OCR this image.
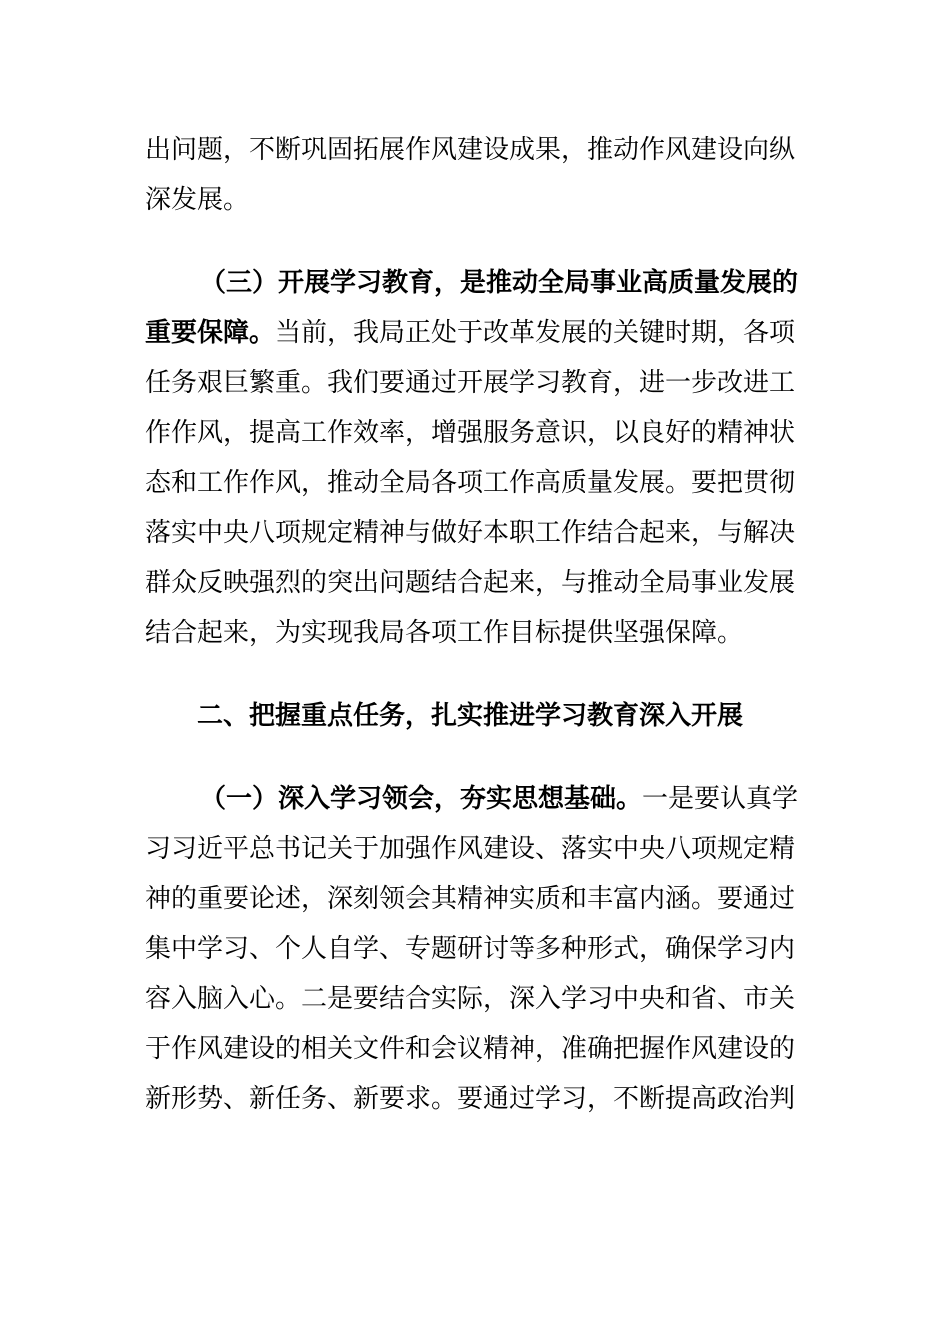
出问题，不断巩固拓展作风建设成果，推动作风建设向纵
深发展。
（三）开展学习教育，是推动全局事业高质量发展的
重要保障。当前，我局正处于改革发展的关键时期，各项
任务艰巨繁重。我们要通过开展学习教育，进一步改进工
作作风，提高工作效率，增强服务意识，以良好的精神状
态和工作作风，推动全局各项工作高质量发展。要把贯彻
落实中央八项规定精神与做好本职工作结合起来，与解决
群众反映强烈的突出问题结合起来，与推动全局事业发展
结合起来，为实现我局各项工作目标提供坚强保障。
二、把握重点任务，扎实推进学习教育深入开展
（一）深入学习领会，夯实思想基础。一是要认真学
习习近平总书记关于加强作风建设、落实中央八项规定精
神的重要论述，深刻领会其精神实质和丰富内涵。要通过
集中学习、个人自学、专题研讨等多种形式，确保学习内
容入脑入心。二是要结合实际，深入学习中央和省、市关
于作风建设的相关文件和会议精神，准确把握作风建设的
新形势、新任务、新要求。要通过学习，不断提高政治判
